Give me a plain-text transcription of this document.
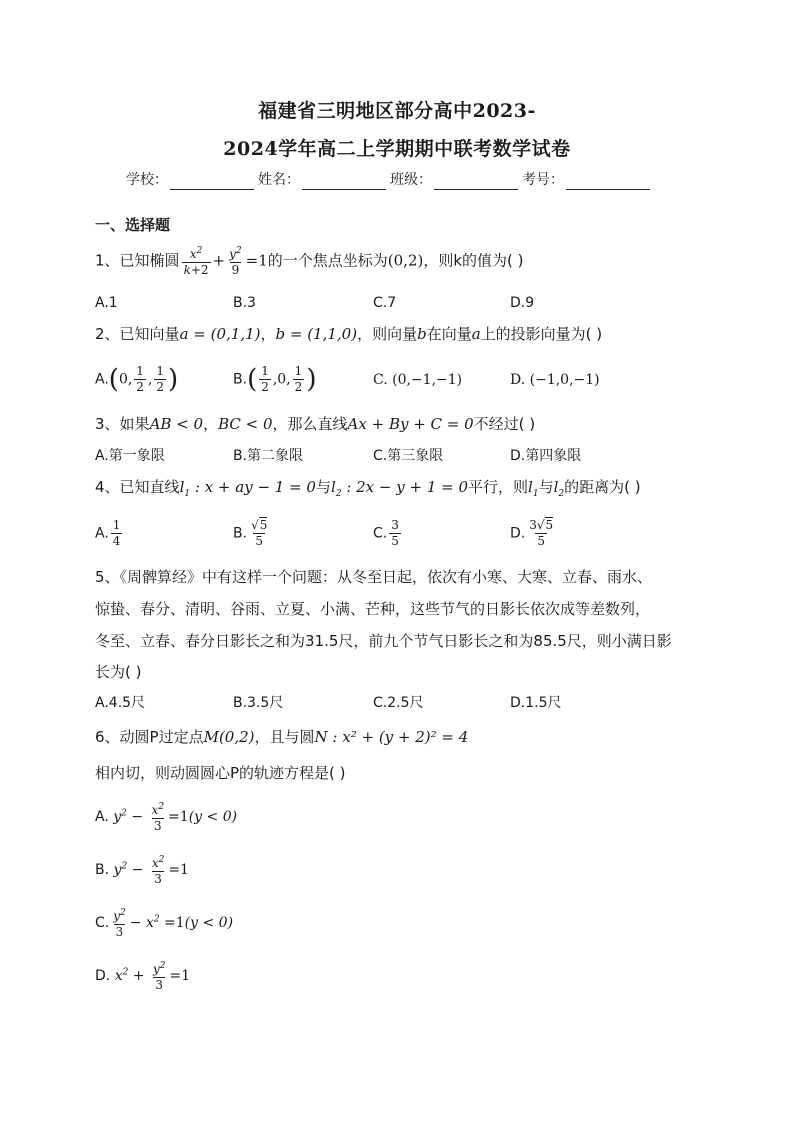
福建省三明地区部分高中2023-
2024学年高二上学期期中联考数学试卷
学校：	姓名：	班级：	考号：
一、选择题
1、已知椭圆 $\frac{x^2}{k+2} + \frac{y^2}{9} =1$的一个焦点坐标为(0,2)，则k的值为( )
A.1	B.3	C.7	D.9
2、已知向量a = (0,1,1)，b = (1,1,0)，则向量b在向量a上的投影向量为( )
A.(0, $\frac{1}{2}$ , $\frac{1}{2}$ )	$B.( \frac{1}{2} ,0$, $\frac{1}{2}$ )	C. (0,−1,−1)	D. (−1,0,−1)
3、如果AB < 0，BC < 0，那么直线Ax + By + C = 0不经过( )
A.第一象限	B.第二象限	C.第三象限	D.第四象限
4、已知直线$l_1$ : x + ay − 1 = 0与$l_2$ : 2x − y + 1 = 0平行，则$l_1$与$l_2$的距离为( )
A. $\frac{1}{4}$	B. $\frac{√5}{5}$	C. $\frac{3}{5}$	D. $\frac{3√5}{5}$
5、《周髀算经》中有这样一个问题：从冬至日起，依次有小寒、大寒、立春、雨水、
惊蛰、春分、清明、谷雨、立夏、小满、芒种，这些节气的日影长依次成等差数列，
冬至、立春、春分日影长之和为31.5尺，前九个节气日影长之和为85.5尺，则小满日影
长为( )
A.4.5尺	B.3.5尺	C.2.5尺	D.1.5尺
6、动圆P过定点M(0,2)，且与圆N : x² + (y + 2)² = 4
相内切，则动圆圆心P的轨迹方程是( )
A. $y^2 - \frac{x^2}{3} =1(y < 0)$
B. $y^2 - \frac{x^2}{3} =1$
C. $\frac{y^2}{3} - x^2 =1(y < 0)$
D. $x^2 + \frac{y^2}{3} =1$
